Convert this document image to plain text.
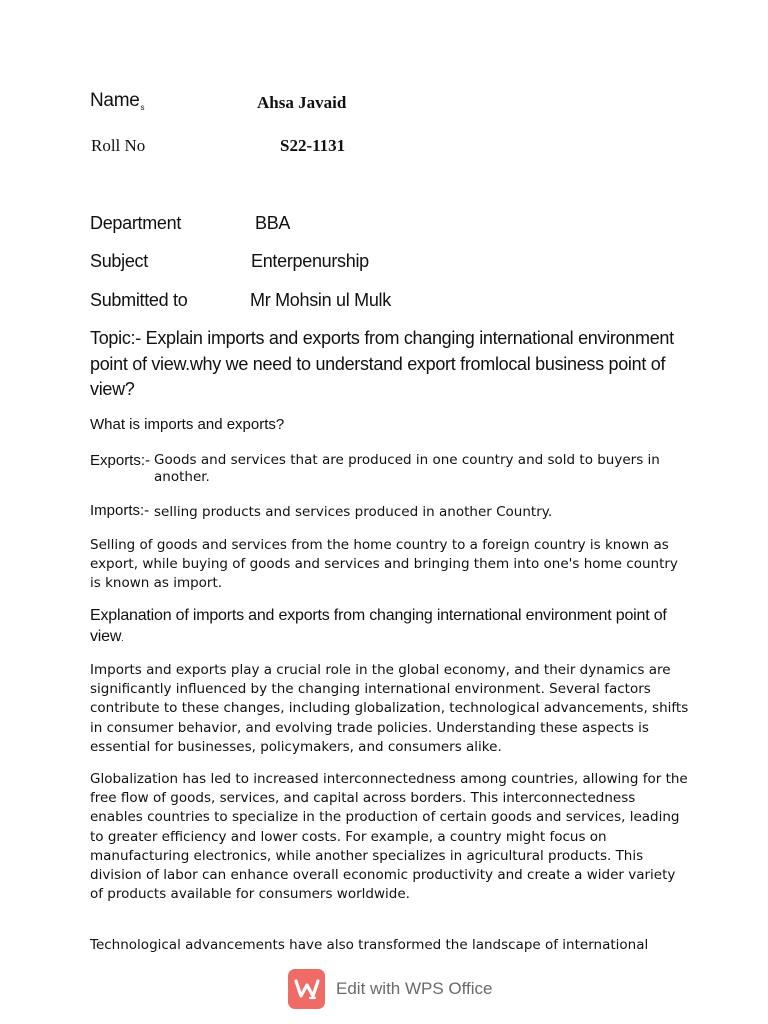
Name$_s$	Ahsa Javaid
Roll No	S22-1131
Department	BBA
Subject	Enterpenurship
Submitted to	Mr Mohsin ul Mulk
Topic:- Explain imports and exports from changing international environment point of view.why we need to understand export fromlocal business point of view?
What is imports and exports?
Exports:- Goods and services that are produced in one country and sold to buyers in another.
Imports:- selling products and services produced in another Country.
Selling of goods and services from the home country to a foreign country is known as export, while buying of goods and services and bringing them into one's home country is known as import.
Explanation of imports and exports from changing international environment point of view.
Imports and exports play a crucial role in the global economy, and their dynamics are significantly influenced by the changing international environment. Several factors contribute to these changes, including globalization, technological advancements, shifts in consumer behavior, and evolving trade policies. Understanding these aspects is essential for businesses, policymakers, and consumers alike.
Globalization has led to increased interconnectedness among countries, allowing for the free flow of goods, services, and capital across borders. This interconnectedness enables countries to specialize in the production of certain goods and services, leading to greater efficiency and lower costs. For example, a country might focus on manufacturing electronics, while another specializes in agricultural products. This division of labor can enhance overall economic productivity and create a wider variety of products available for consumers worldwide.
Technological advancements have also transformed the landscape of international
Edit with WPS Office
